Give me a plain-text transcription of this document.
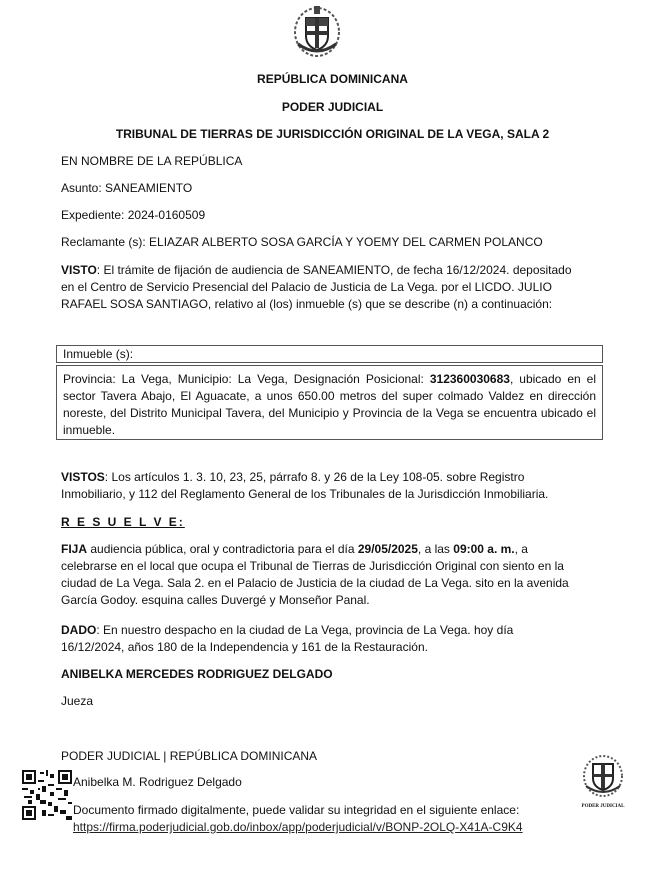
REPÚBLICA DOMINICANA
PODER JUDICIAL
TRIBUNAL DE TIERRAS DE JURISDICCIÓN ORIGINAL DE LA VEGA, SALA 2
EN NOMBRE DE LA REPÚBLICA
Asunto: SANEAMIENTO
Expediente: 2024-0160509
Reclamante (s): ELIAZAR ALBERTO SOSA GARCÍA Y YOEMY DEL CARMEN POLANCO
VISTO: El trámite de fijación de audiencia de SANEAMIENTO, de fecha 16/12/2024. depositado
en el Centro de Servicio Presencial del Palacio de Justicia de La Vega. por el LICDO. JULIO
RAFAEL SOSA SANTIAGO, relativo al (los) inmueble (s) que se describe (n) a continuación:
Inmueble (s):
Provincia: La Vega, Municipio: La Vega, Designación Posicional: 312360030683, ubicado en el sector Tavera Abajo, El Aguacate, a unos 650.00 metros del super colmado Valdez en dirección noreste, del Distrito Municipal Tavera, del Municipio y Provincia de la Vega se encuentra ubicado el inmueble.
VISTOS: Los artículos 1. 3. 10, 23, 25, párrafo 8. y 26 de la Ley 108-05. sobre Registro
Inmobiliario, y 112 del Reglamento General de los Tribunales de la Jurisdicción Inmobiliaria.
R E S U E L V E:
FIJA audiencia pública, oral y contradictoria para el día 29/05/2025, a las 09:00 a. m., a
celebrarse en el local que ocupa el Tribunal de Tierras de Jurisdicción Original con siento en la
ciudad de La Vega. Sala 2. en el Palacio de Justicia de la ciudad de La Vega. sito en la avenida
García Godoy. esquina calles Duvergé y Monseñor Panal.
DADO: En nuestro despacho en la ciudad de La Vega, provincia de La Vega. hoy día
16/12/2024, años 180 de la Independencia y 161 de la Restauración.
ANIBELKA MERCEDES RODRIGUEZ DELGADO
Jueza
PODER JUDICIAL | REPÚBLICA DOMINICANA
Anibelka M. Rodriguez Delgado
Documento firmado digitalmente, puede validar su integridad en el siguiente enlace:
https://firma.poderjudicial.gob.do/inbox/app/poderjudicial/v/BONP-2OLQ-X41A-C9K4
PODER JUDICIAL
